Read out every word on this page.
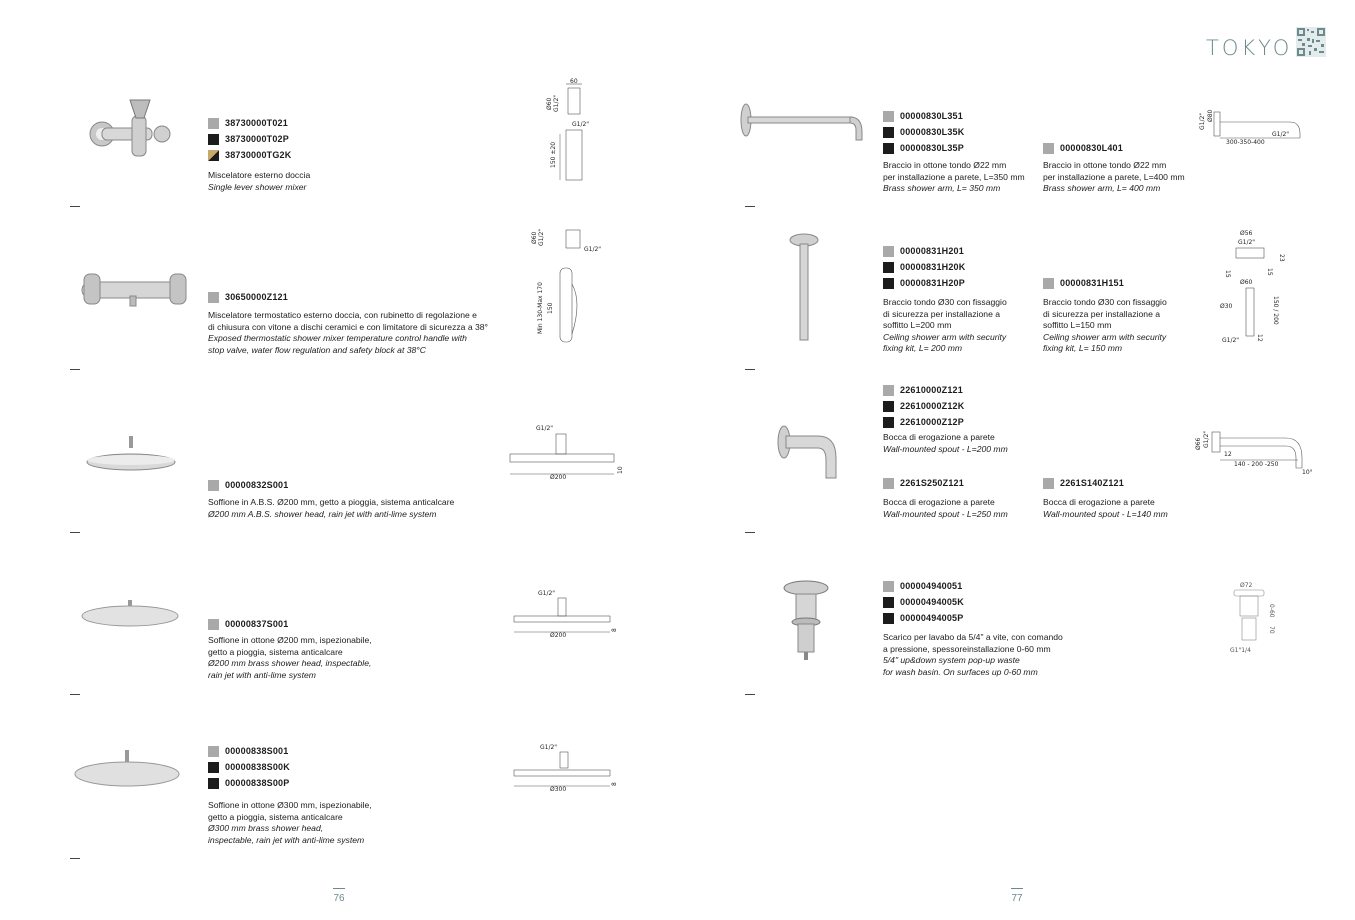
TOKYO
38730000T021
38730000T02P
38730000TG2K
Miscelatore esterno doccia
Single lever shower mixer
60
Ø60 G1/2"
G1/2"
150 ±20
30650000Z121
Miscelatore termostatico esterno doccia, con rubinetto di regolazione e
di chiusura con vitone a dischi ceramici e con limitatore di sicurezza a 38°
Exposed thermostatic shower mixer temperature control handle with
stop valve, water flow regulation and safety block at 38°C
Ø60 G1/2"
G1/2"
Min 130-Max 170 150
00000832S001
Soffione in A.B.S. Ø200 mm, getto a pioggia, sistema anticalcare
Ø200 mm A.B.S. shower head, rain jet with anti-lime system
G1/2"
Ø200
10
00000837S001
Soffione in ottone Ø200 mm, ispezionabile,
getto a pioggia, sistema anticalcare
Ø200 mm brass shower head, inspectable,
rain jet with anti-lime system
G1/2"
Ø200
8
00000838S001
00000838S00K
00000838S00P
Soffione in ottone Ø300 mm, ispezionabile,
getto a pioggia, sistema anticalcare
Ø300 mm brass shower head,
inspectable, rain jet with anti-lime system
G1/2"
Ø300
8
76
00000830L351
00000830L35K
00000830L35P	00000830L401
Braccio in ottone tondo Ø22 mm
per installazione a parete, L=350 mm
Brass shower arm, L= 350 mm
Braccio in ottone tondo Ø22 mm
per installazione a parete, L=400 mm
Brass shower arm, L= 400 mm
G1/2" Ø80
G1/2"
300-350-400
00000831H201
00000831H20K
00000831H20P	00000831H151
Braccio tondo Ø30 con fissaggio
di sicurezza per installazione a
soffitto L=200 mm
Ceiling shower arm with security
fixing kit, L= 200 mm
Braccio tondo Ø30 con fissaggio
di sicurezza per installazione a
soffitto L=150 mm
Ceiling shower arm with security
fixing kit, L= 150 mm
Ø56
G1/2"
23
15	15
Ø60
Ø30	150 / 200
12
G1/2"
22610000Z121
22610000Z12K
22610000Z12P
Bocca di erogazione a parete
Wall-mounted spout - L=200 mm
2261S250Z121	2261S140Z121
Bocca di erogazione a parete
Wall-mounted spout - L=250 mm
Bocca di erogazione a parete
Wall-mounted spout - L=140 mm
Ø66 G1/2"
12
140 - 200 -250
10°
000004940051
00000494005K
00000494005P
Scarico per lavabo da 5/4" a vite, con comando
a pressione, spessoreinstallazione 0-60 mm
5/4" up&down system pop-up waste
for wash basin. On surfaces up 0-60 mm
Ø72
0-60
70
G1"1/4
77
